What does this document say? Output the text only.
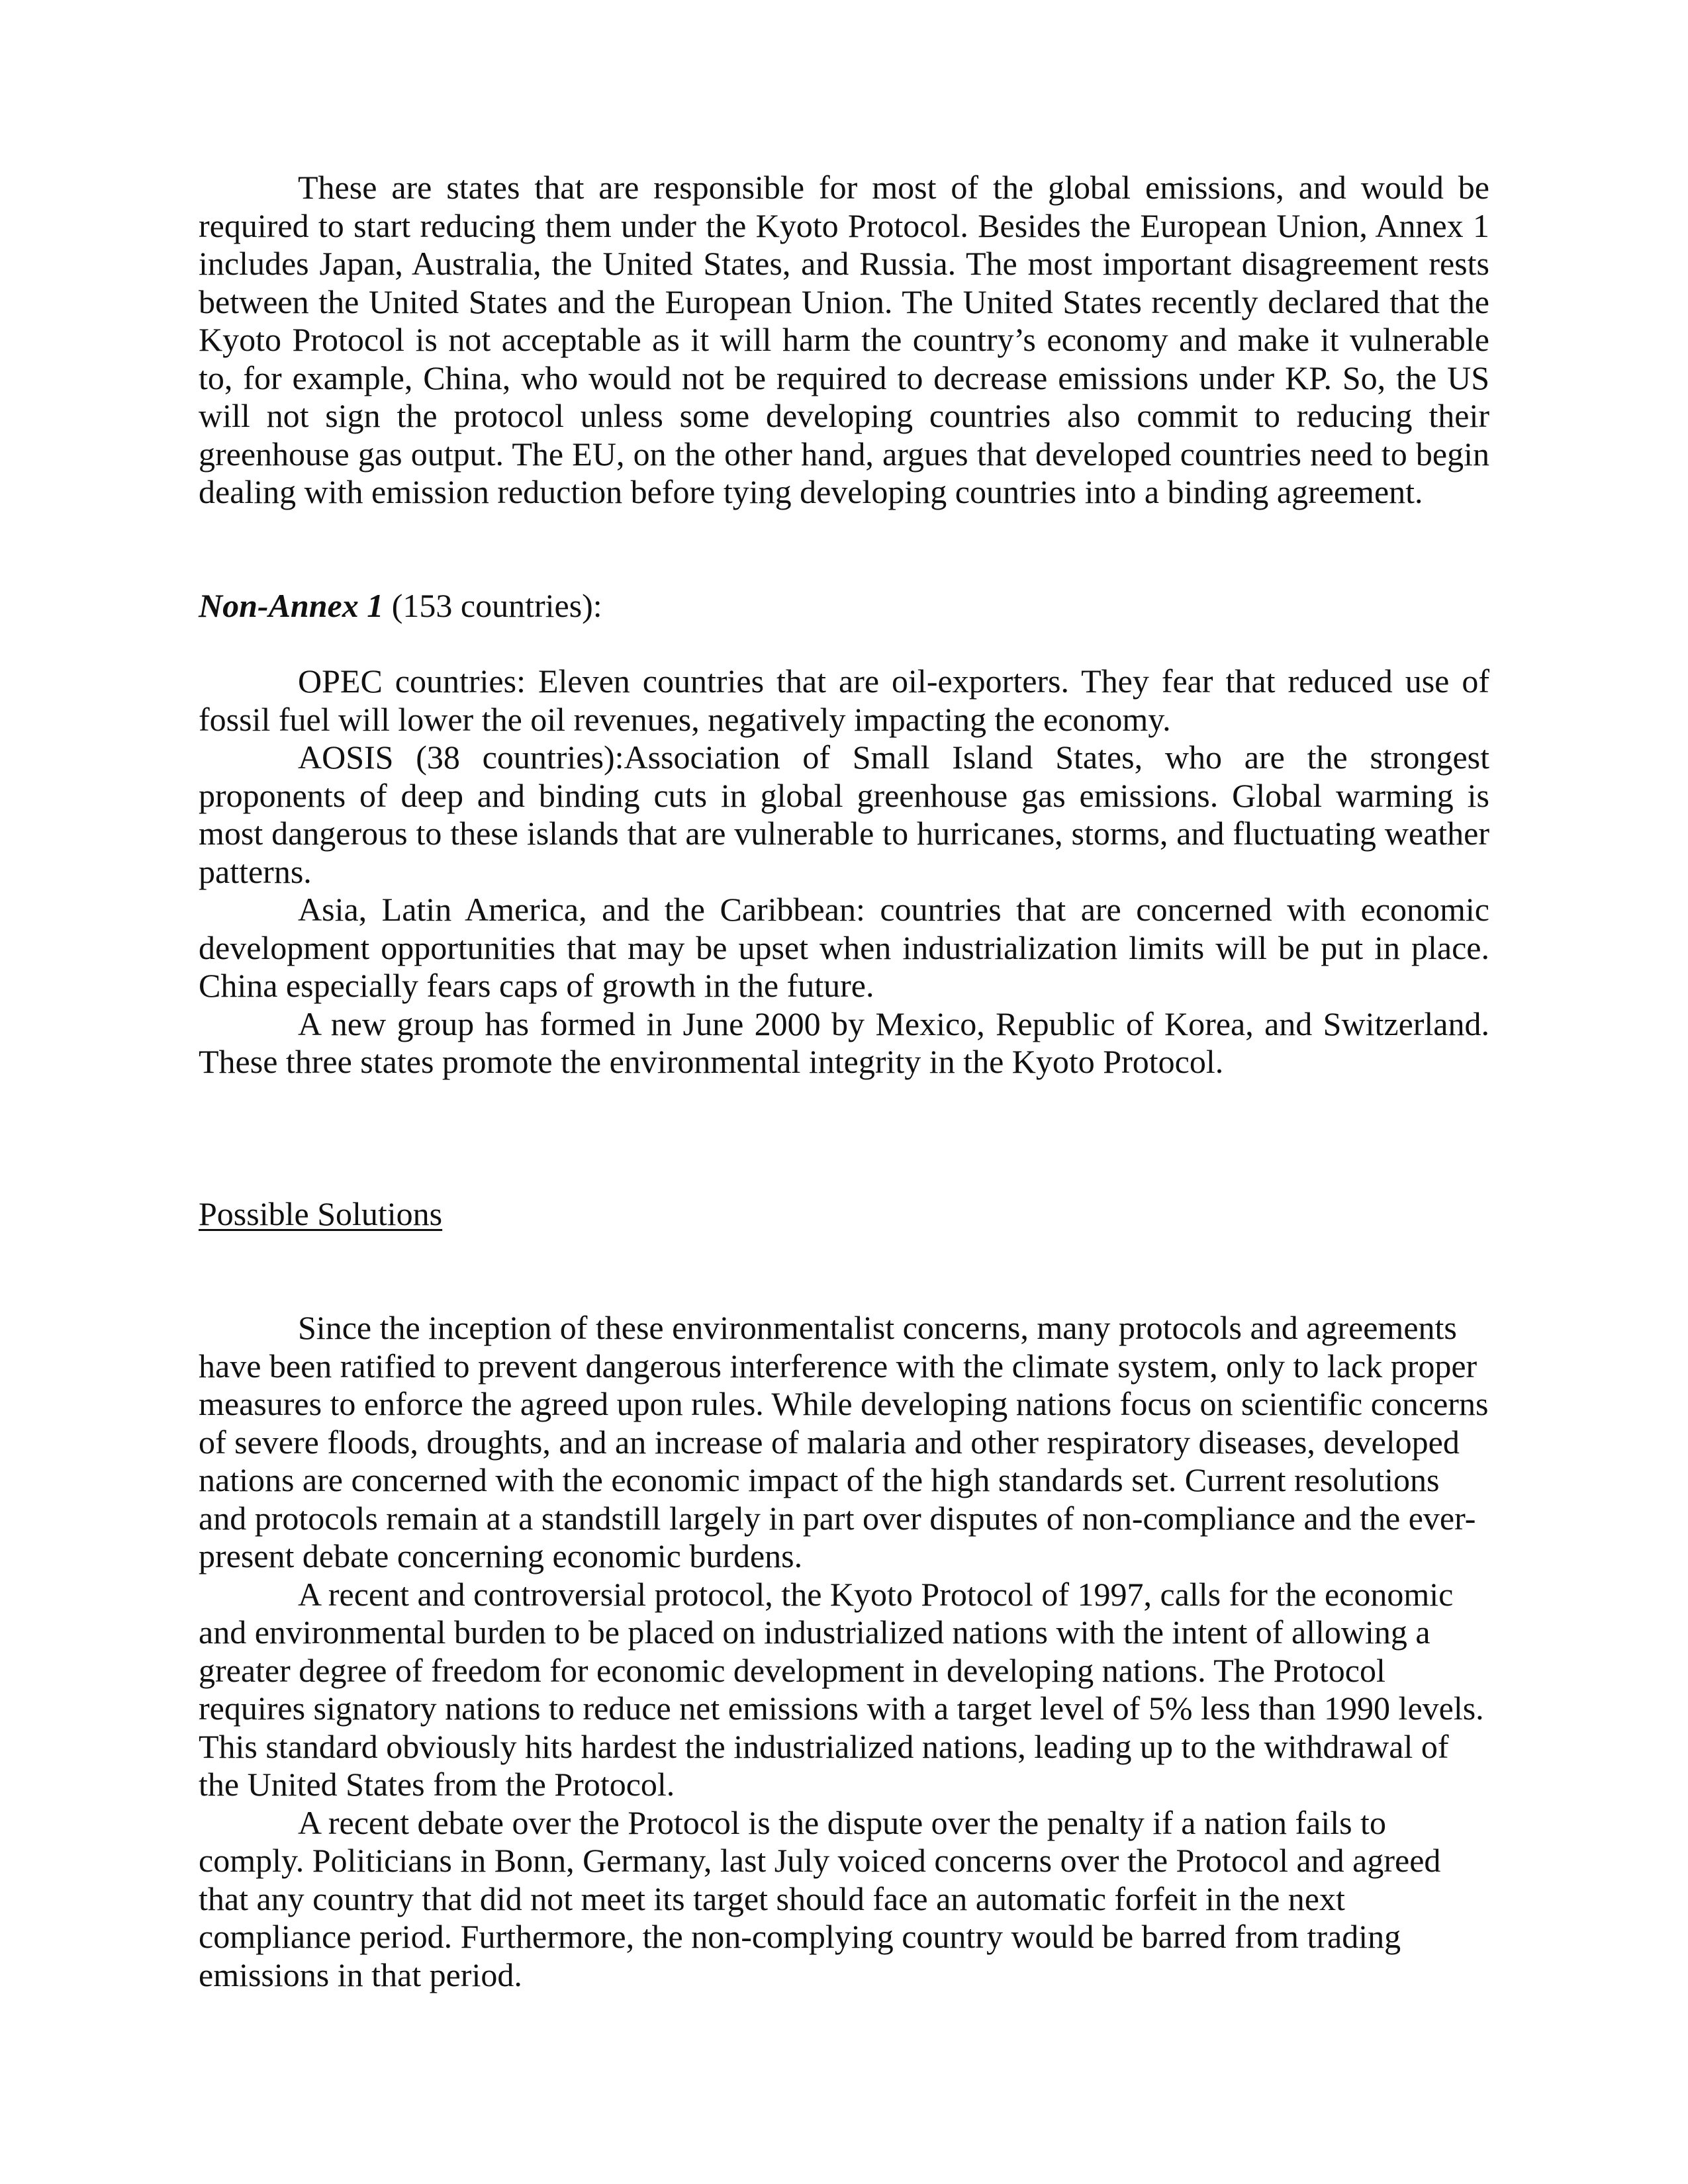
These are states that are responsible for most of the global emissions, and would be required to start reducing them under the Kyoto Protocol. Besides the European Union, Annex 1 includes Japan, Australia, the United States, and Russia. The most important disagreement rests between the United States and the European Union. The United States recently declared that the Kyoto Protocol is not acceptable as it will harm the country’s economy and make it vulnerable to, for example, China, who would not be required to decrease emissions under KP. So, the US will not sign the protocol unless some developing countries also commit to reducing their greenhouse gas output. The EU, on the other hand, argues that developed countries need to begin dealing with emission reduction before tying developing countries into a binding agreement.

Non-Annex 1 (153 countries):

OPEC countries: Eleven countries that are oil-exporters. They fear that reduced use of fossil fuel will lower the oil revenues, negatively impacting the economy.

AOSIS (38 countries):Association of Small Island States, who are the strongest proponents of deep and binding cuts in global greenhouse gas emissions. Global warming is most dangerous to these islands that are vulnerable to hurricanes, storms, and fluctuating weather patterns.

Asia, Latin America, and the Caribbean: countries that are concerned with economic development opportunities that may be upset when industrialization limits will be put in place. China especially fears caps of growth in the future.

A new group has formed in June 2000 by Mexico, Republic of Korea, and Switzerland. These three states promote the environmental integrity in the Kyoto Protocol.

Possible Solutions

Since the inception of these environmentalist concerns, many protocols and agreements have been ratified to prevent dangerous interference with the climate system, only to lack proper measures to enforce the agreed upon rules. While developing nations focus on scientific concerns of severe floods, droughts, and an increase of malaria and other respiratory diseases, developed nations are concerned with the economic impact of the high standards set. Current resolutions and protocols remain at a standstill largely in part over disputes of non-compliance and the ever-present debate concerning economic burdens.

A recent and controversial protocol, the Kyoto Protocol of 1997, calls for the economic and environmental burden to be placed on industrialized nations with the intent of allowing a greater degree of freedom for economic development in developing nations. The Protocol requires signatory nations to reduce net emissions with a target level of 5% less than 1990 levels. This standard obviously hits hardest the industrialized nations, leading up to the withdrawal of the United States from the Protocol.

A recent debate over the Protocol is the dispute over the penalty if a nation fails to comply. Politicians in Bonn, Germany, last July voiced concerns over the Protocol and agreed that any country that did not meet its target should face an automatic forfeit in the next compliance period. Furthermore, the non-complying country would be barred from trading emissions in that period.
